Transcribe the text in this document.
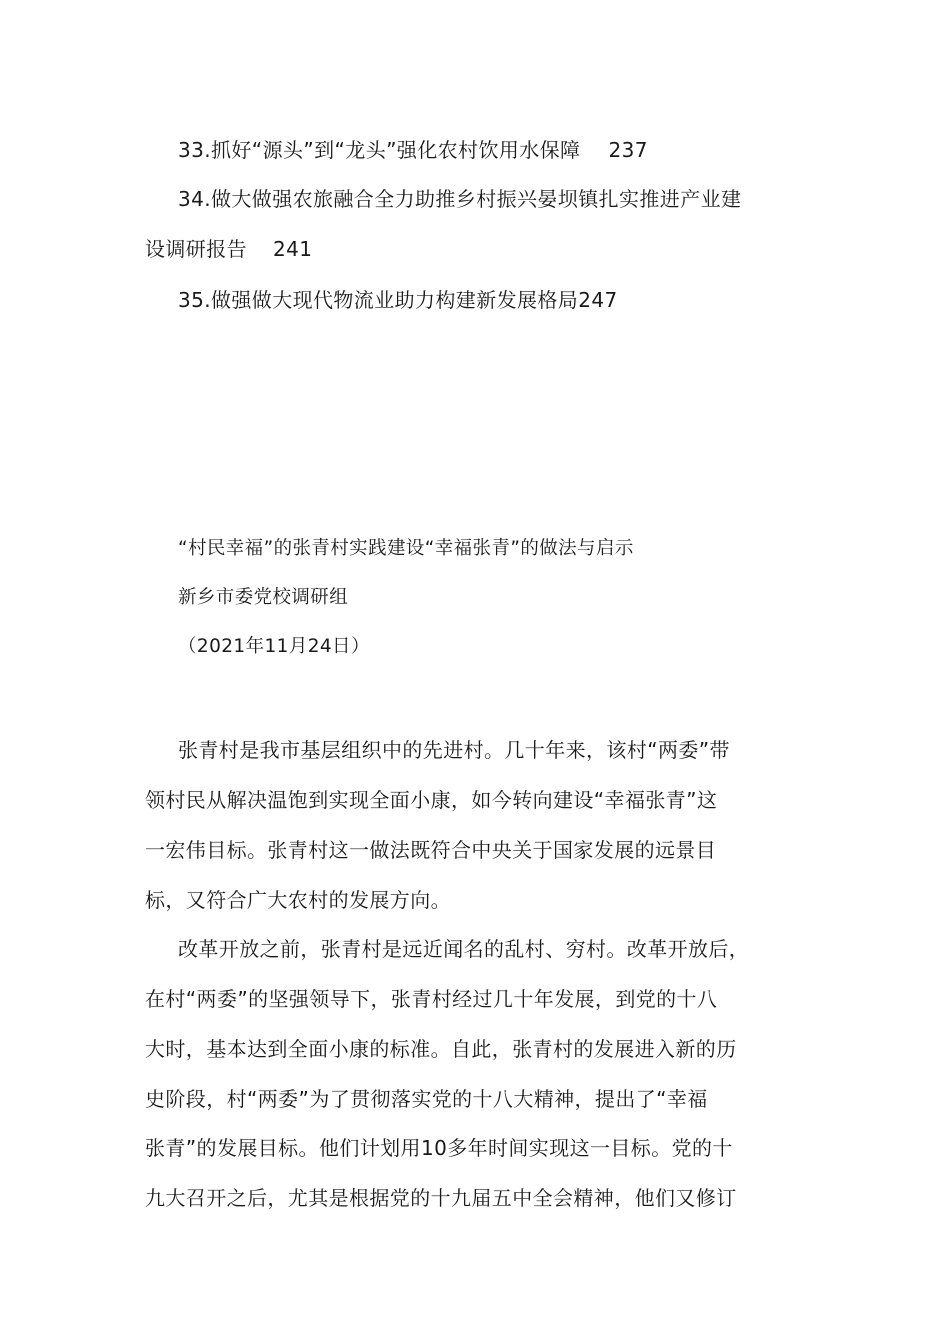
33.抓好“源头”到“龙头”强化农村饮用水保障 237
34.做大做强农旅融合全力助推乡村振兴晏坝镇扎实推进产业建
设调研报告 241
35.做强做大现代物流业助力构建新发展格局247
“村民幸福”的张青村实践建设“幸福张青”的做法与启示
新乡市委党校调研组
（2021年11月24日）
张青村是我市基层组织中的先进村。几十年来，该村“两委”带
领村民从解决温饱到实现全面小康，如今转向建设“幸福张青”这
一宏伟目标。张青村这一做法既符合中央关于国家发展的远景目
标，又符合广大农村的发展方向。
改革开放之前，张青村是远近闻名的乱村、穷村。改革开放后，
在村“两委”的坚强领导下，张青村经过几十年发展，到党的十八
大时，基本达到全面小康的标准。自此，张青村的发展进入新的历
史阶段，村“两委”为了贯彻落实党的十八大精神，提出了“幸福
张青”的发展目标。他们计划用10多年时间实现这一目标。党的十
九大召开之后，尤其是根据党的十九届五中全会精神，他们又修订
